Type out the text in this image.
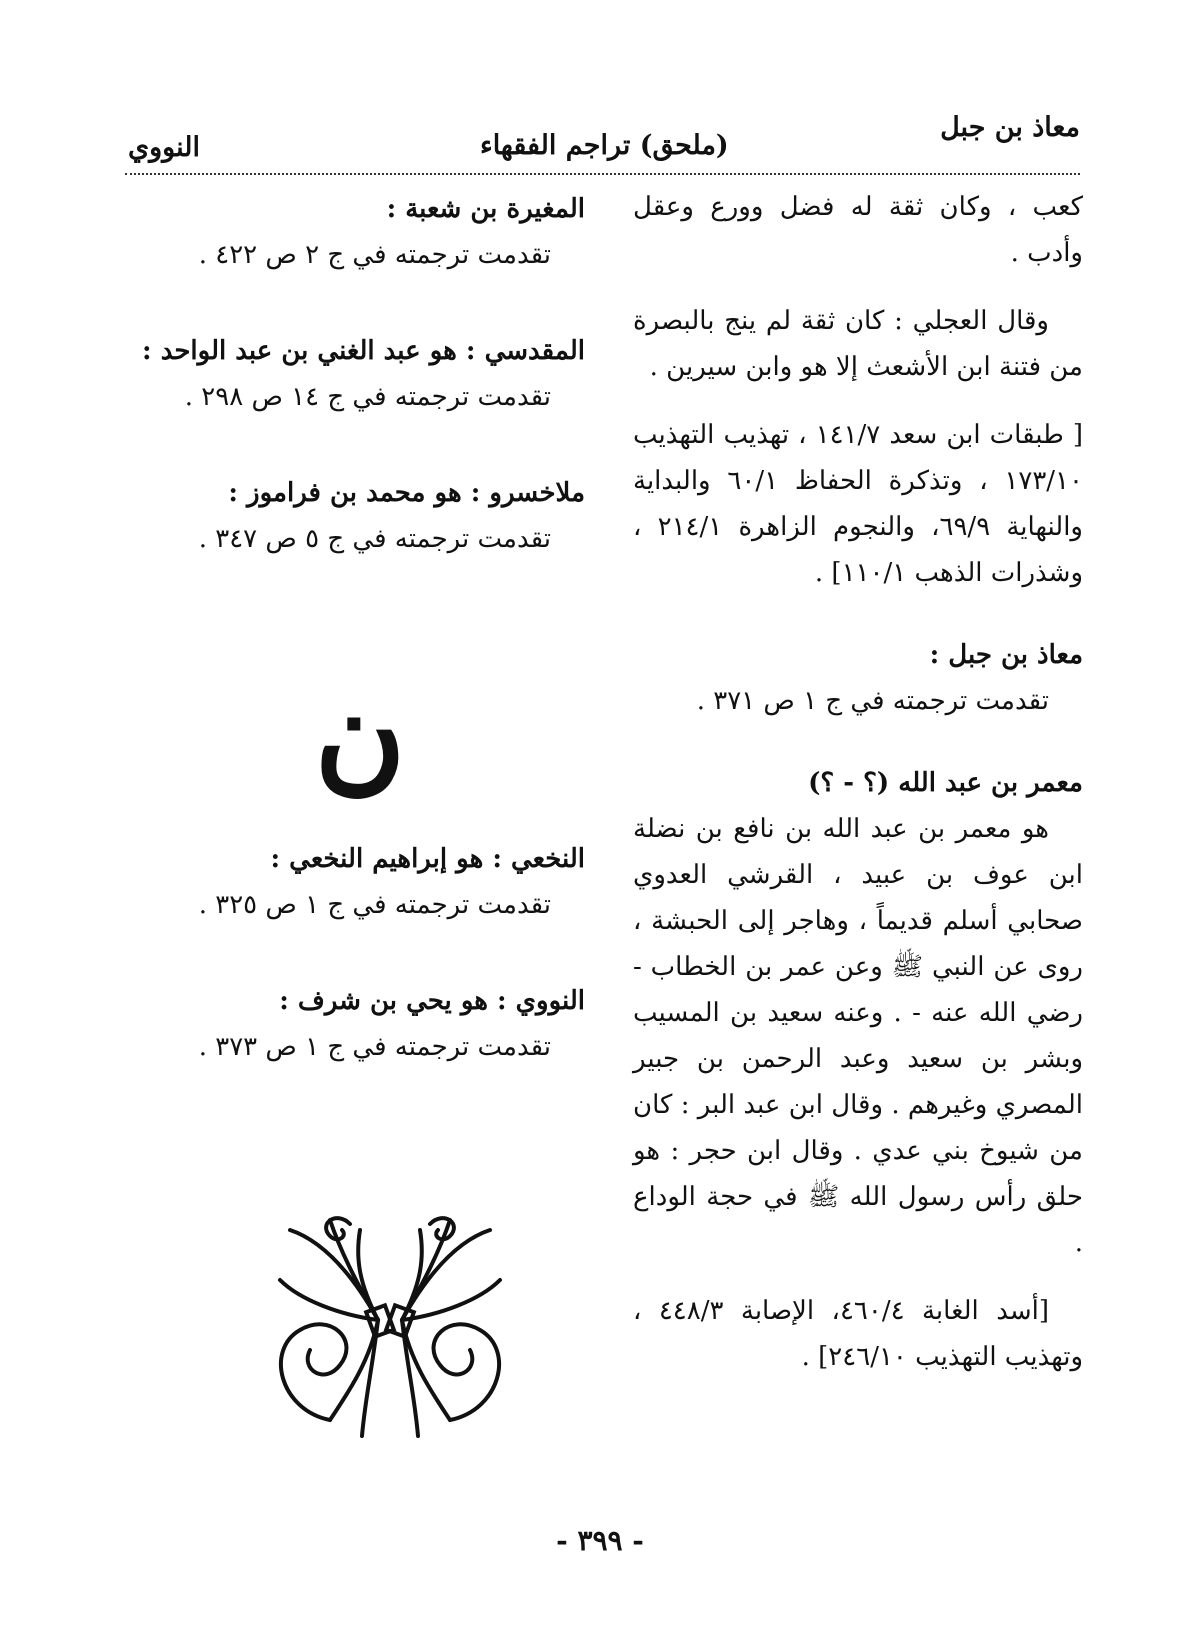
معاذ بن جبل
(ملحق) تراجم الفقهاء
النووي

كعب ، وكان ثقة له فضل وورع وعقل وأدب .

وقال العجلي : كان ثقة لم ينج بالبصرة من فتنة ابن الأشعث إلا هو وابن سيرين .

[ طبقات ابن سعد ١٤١/٧ ، تهذيب التهذيب ١٧٣/١٠ ، وتذكرة الحفاظ ٦٠/١ والبداية والنهاية ٦٩/٩، والنجوم الزاهرة ٢١٤/١ ، وشذرات الذهب ١١٠/١] .

معاذ بن جبل :

تقدمت ترجمته في ج ١ ص ٣٧١ .

معمر بن عبد الله (؟ - ؟)

هو معمر بن عبد الله بن نافع بن نضلة ابن عوف بن عبيد ، القرشي العدوي صحابي أسلم قديماً ، وهاجر إلى الحبشة ، روى عن النبي ﷺ وعن عمر بن الخطاب - رضي الله عنه - . وعنه سعيد بن المسيب وبشر بن سعيد وعبد الرحمن بن جبير المصري وغيرهم . وقال ابن عبد البر : كان من شيوخ بني عدي . وقال ابن حجر : هو حلق رأس رسول الله ﷺ في حجة الوداع .

[أسد الغابة ٤٦٠/٤، الإصابة ٤٤٨/٣ ، وتهذيب التهذيب ٢٤٦/١٠] .

المغيرة بن شعبة :

تقدمت ترجمته في ج ٢ ص ٤٢٢ .

المقدسي : هو عبد الغني بن عبد الواحد :

تقدمت ترجمته في ج ١٤ ص ٢٩٨ .

ملاخسرو : هو محمد بن فراموز :

تقدمت ترجمته في ج ٥ ص ٣٤٧ .

ن

النخعي : هو إبراهيم النخعي :

تقدمت ترجمته في ج ١ ص ٣٢٥ .

النووي : هو يحي بن شرف :

تقدمت ترجمته في ج ١ ص ٣٧٣ .

- ٣٩٩ -
